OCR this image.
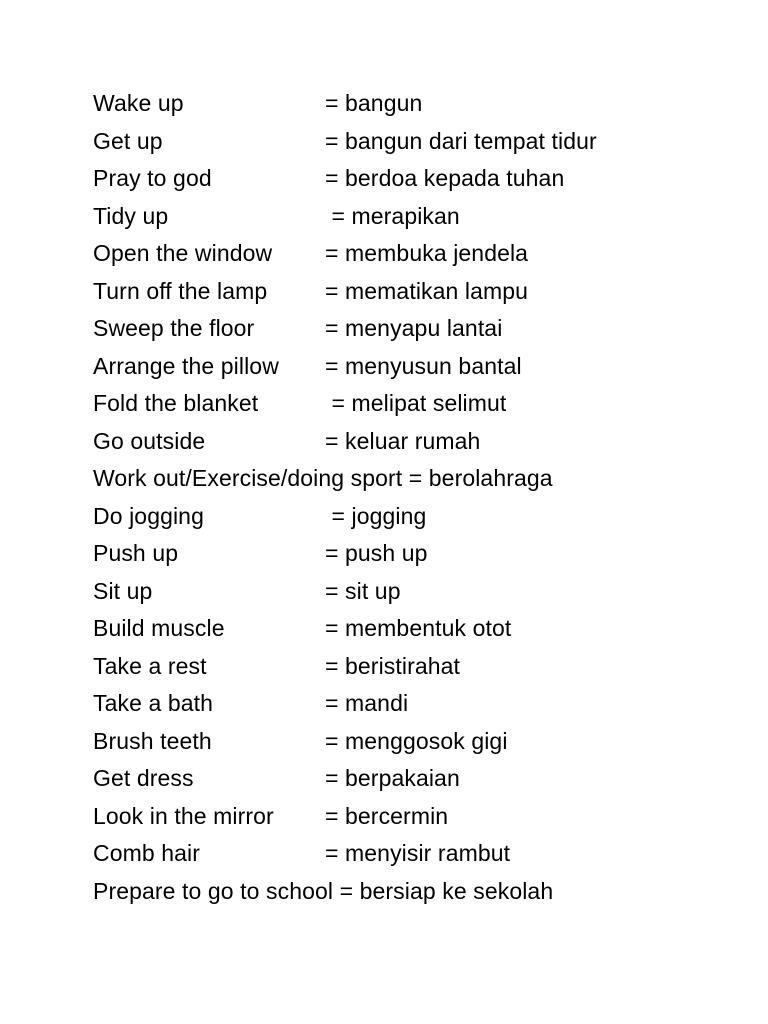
Wake up	= bangun
Get up	= bangun dari tempat tidur
Pray to god	= berdoa kepada tuhan
Tidy up	= merapikan
Open the window = membuka jendela
Turn off the lamp	= mematikan lampu
Sweep the floor	= menyapu lantai
Arrange the pillow = menyusun bantal
Fold the blanket	= melipat selimut
Go outside	= keluar rumah
Work out/Exercise/doing sport = berolahraga
Do jogging	= jogging
Push up	= push up
Sit up	= sit up
Build muscle	= membentuk otot
Take a rest	= beristirahat
Take a bath	= mandi
Brush teeth	= menggosok gigi
Get dress	= berpakaian
Look in the mirror = bercermin
Comb hair	= menyisir rambut
Prepare to go to school = bersiap ke sekolah
